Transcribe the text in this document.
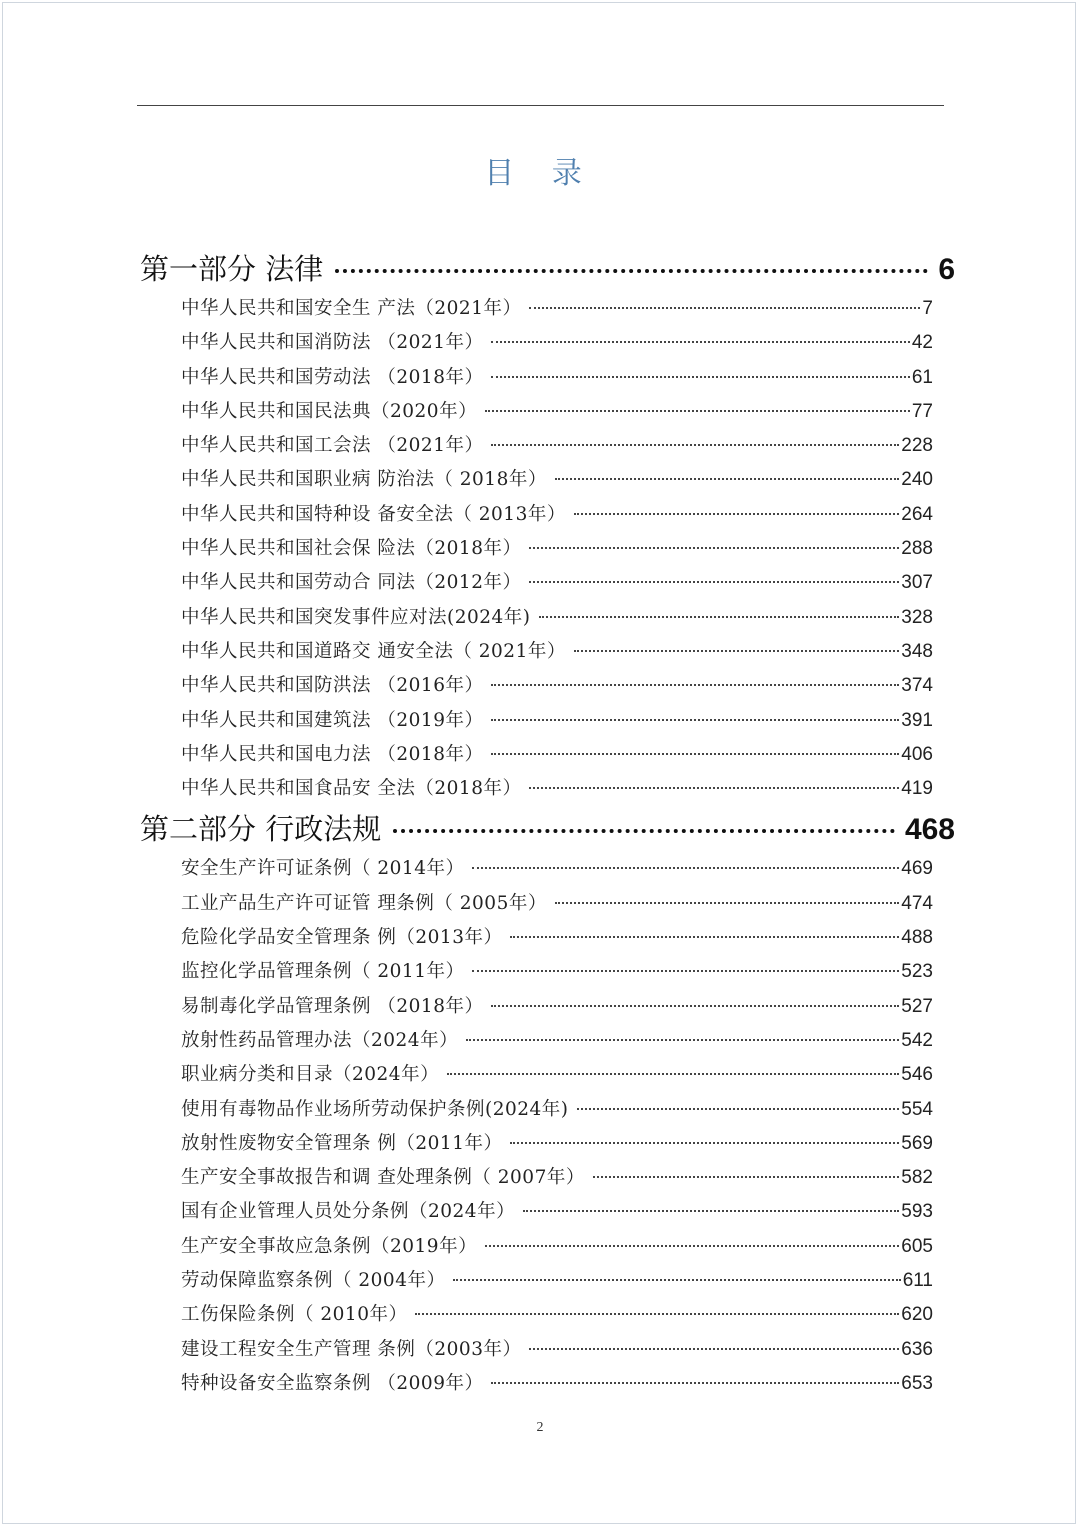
目 录
第一部分 法律	6
中华人民共和国安全生 产法（2021年）	7
中华人民共和国消防法 （2021年）	42
中华人民共和国劳动法 （2018年）	61
中华人民共和国民法典（2020年）	77
中华人民共和国工会法 （2021年）	228
中华人民共和国职业病 防治法（ 2018年）	240
中华人民共和国特种设 备安全法（ 2013年）	264
中华人民共和国社会保 险法（2018年）	288
中华人民共和国劳动合 同法（2012年）	307
中华人民共和国突发事件应对法(2024年)	328
中华人民共和国道路交 通安全法（ 2021年）	348
中华人民共和国防洪法 （2016年）	374
中华人民共和国建筑法 （2019年）	391
中华人民共和国电力法 （2018年）	406
中华人民共和国食品安 全法（2018年）	419
第二部分 行政法规	468
安全生产许可证条例（ 2014年）	469
工业产品生产许可证管 理条例（ 2005年）	474
危险化学品安全管理条 例（2013年）	488
监控化学品管理条例（ 2011年）	523
易制毒化学品管理条例 （2018年）	527
放射性药品管理办法（2024年）	542
职业病分类和目录（2024年）	546
使用有毒物品作业场所劳动保护条例(2024年)	554
放射性废物安全管理条 例（2011年）	569
生产安全事故报告和调 查处理条例（ 2007年）	582
国有企业管理人员处分条例（2024年）	593
生产安全事故应急条例（2019年）	605
劳动保障监察条例（ 2004年）	611
工伤保险条例（ 2010年）	620
建设工程安全生产管理 条例（2003年）	636
特种设备安全监察条例 （2009年）	653
2
